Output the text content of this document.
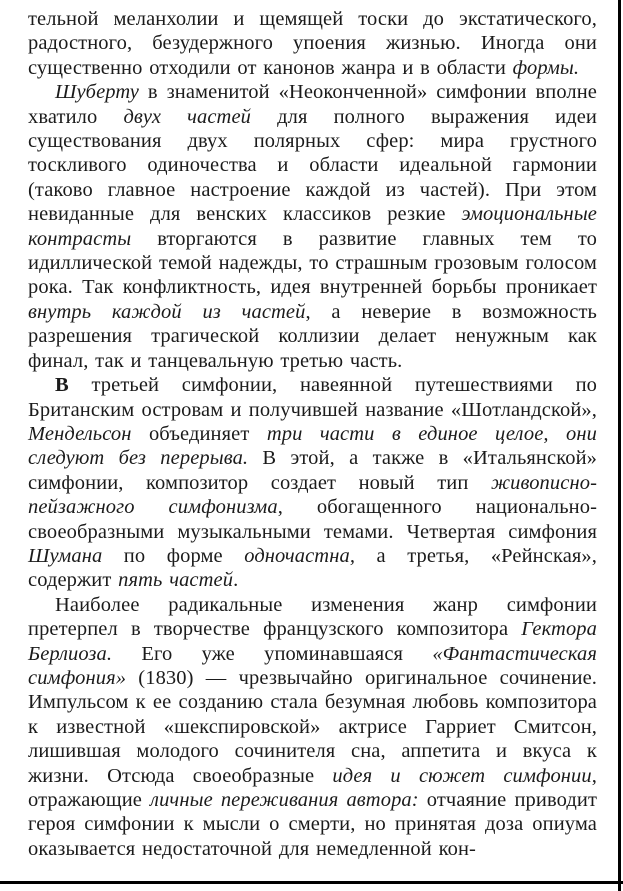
тельной меланхолии и щемящей тоски до экстатического, радостного, безудержного упоения жизнью. Иногда они существенно отходили от канонов жанра и в области формы.

Шуберту в знаменитой «Неоконченной» симфонии вполне хватило двух частей для полного выражения идеи существования двух полярных сфер: мира грустного тоскливого одиночества и области идеальной гармонии (таково главное настроение каждой из частей). При этом невиданные для венских классиков резкие эмоциональные контрасты вторгаются в развитие главных тем то идиллической темой надежды, то страшным грозовым голосом рока. Так конфликтность, идея внутренней борьбы проникает внутрь каждой из частей, а неверие в возможность разрешения трагической коллизии делает ненужным как финал, так и танцевальную третью часть.

В третьей симфонии, навеянной путешествиями по Британским островам и получившей название «Шотландской», Мендельсон объединяет три части в единое целое, они следуют без перерыва. В этой, а также в «Итальянской» симфонии, композитор создает новый тип живописно-пейзажного симфонизма, обогащенного национально-своеобразными музыкальными темами. Четвертая симфония Шумана по форме одночастна, а третья, «Рейнская», содержит пять частей.

Наиболее радикальные изменения жанр симфонии претерпел в творчестве французского композитора Гектора Берлиоза. Его уже упоминавшаяся «Фантастическая симфония» (1830) — чрезвычайно оригинальное сочинение. Импульсом к ее созданию стала безумная любовь композитора к известной «шекспировской» актрисе Гарриет Смитсон, лишившая молодого сочинителя сна, аппетита и вкуса к жизни. Отсюда своеобразные идея и сюжет симфонии, отражающие личные переживания автора: отчаяние приводит героя симфонии к мысли о смерти, но принятая доза опиума оказывается недостаточной для немедленной кон-
